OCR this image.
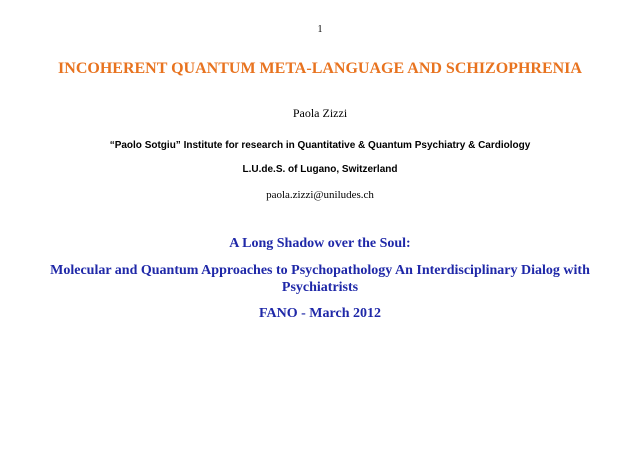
1
INCOHERENT QUANTUM META-LANGUAGE AND SCHIZOPHRENIA
Paola Zizzi
“Paolo Sotgiu” Institute for research in Quantitative & Quantum Psychiatry & Cardiology
L.U.de.S. of Lugano, Switzerland
paola.zizzi@uniludes.ch
A Long Shadow over the Soul:
Molecular and Quantum Approaches to Psychopathology An Interdisciplinary Dialog with
Psychiatrists
FANO - March 2012
